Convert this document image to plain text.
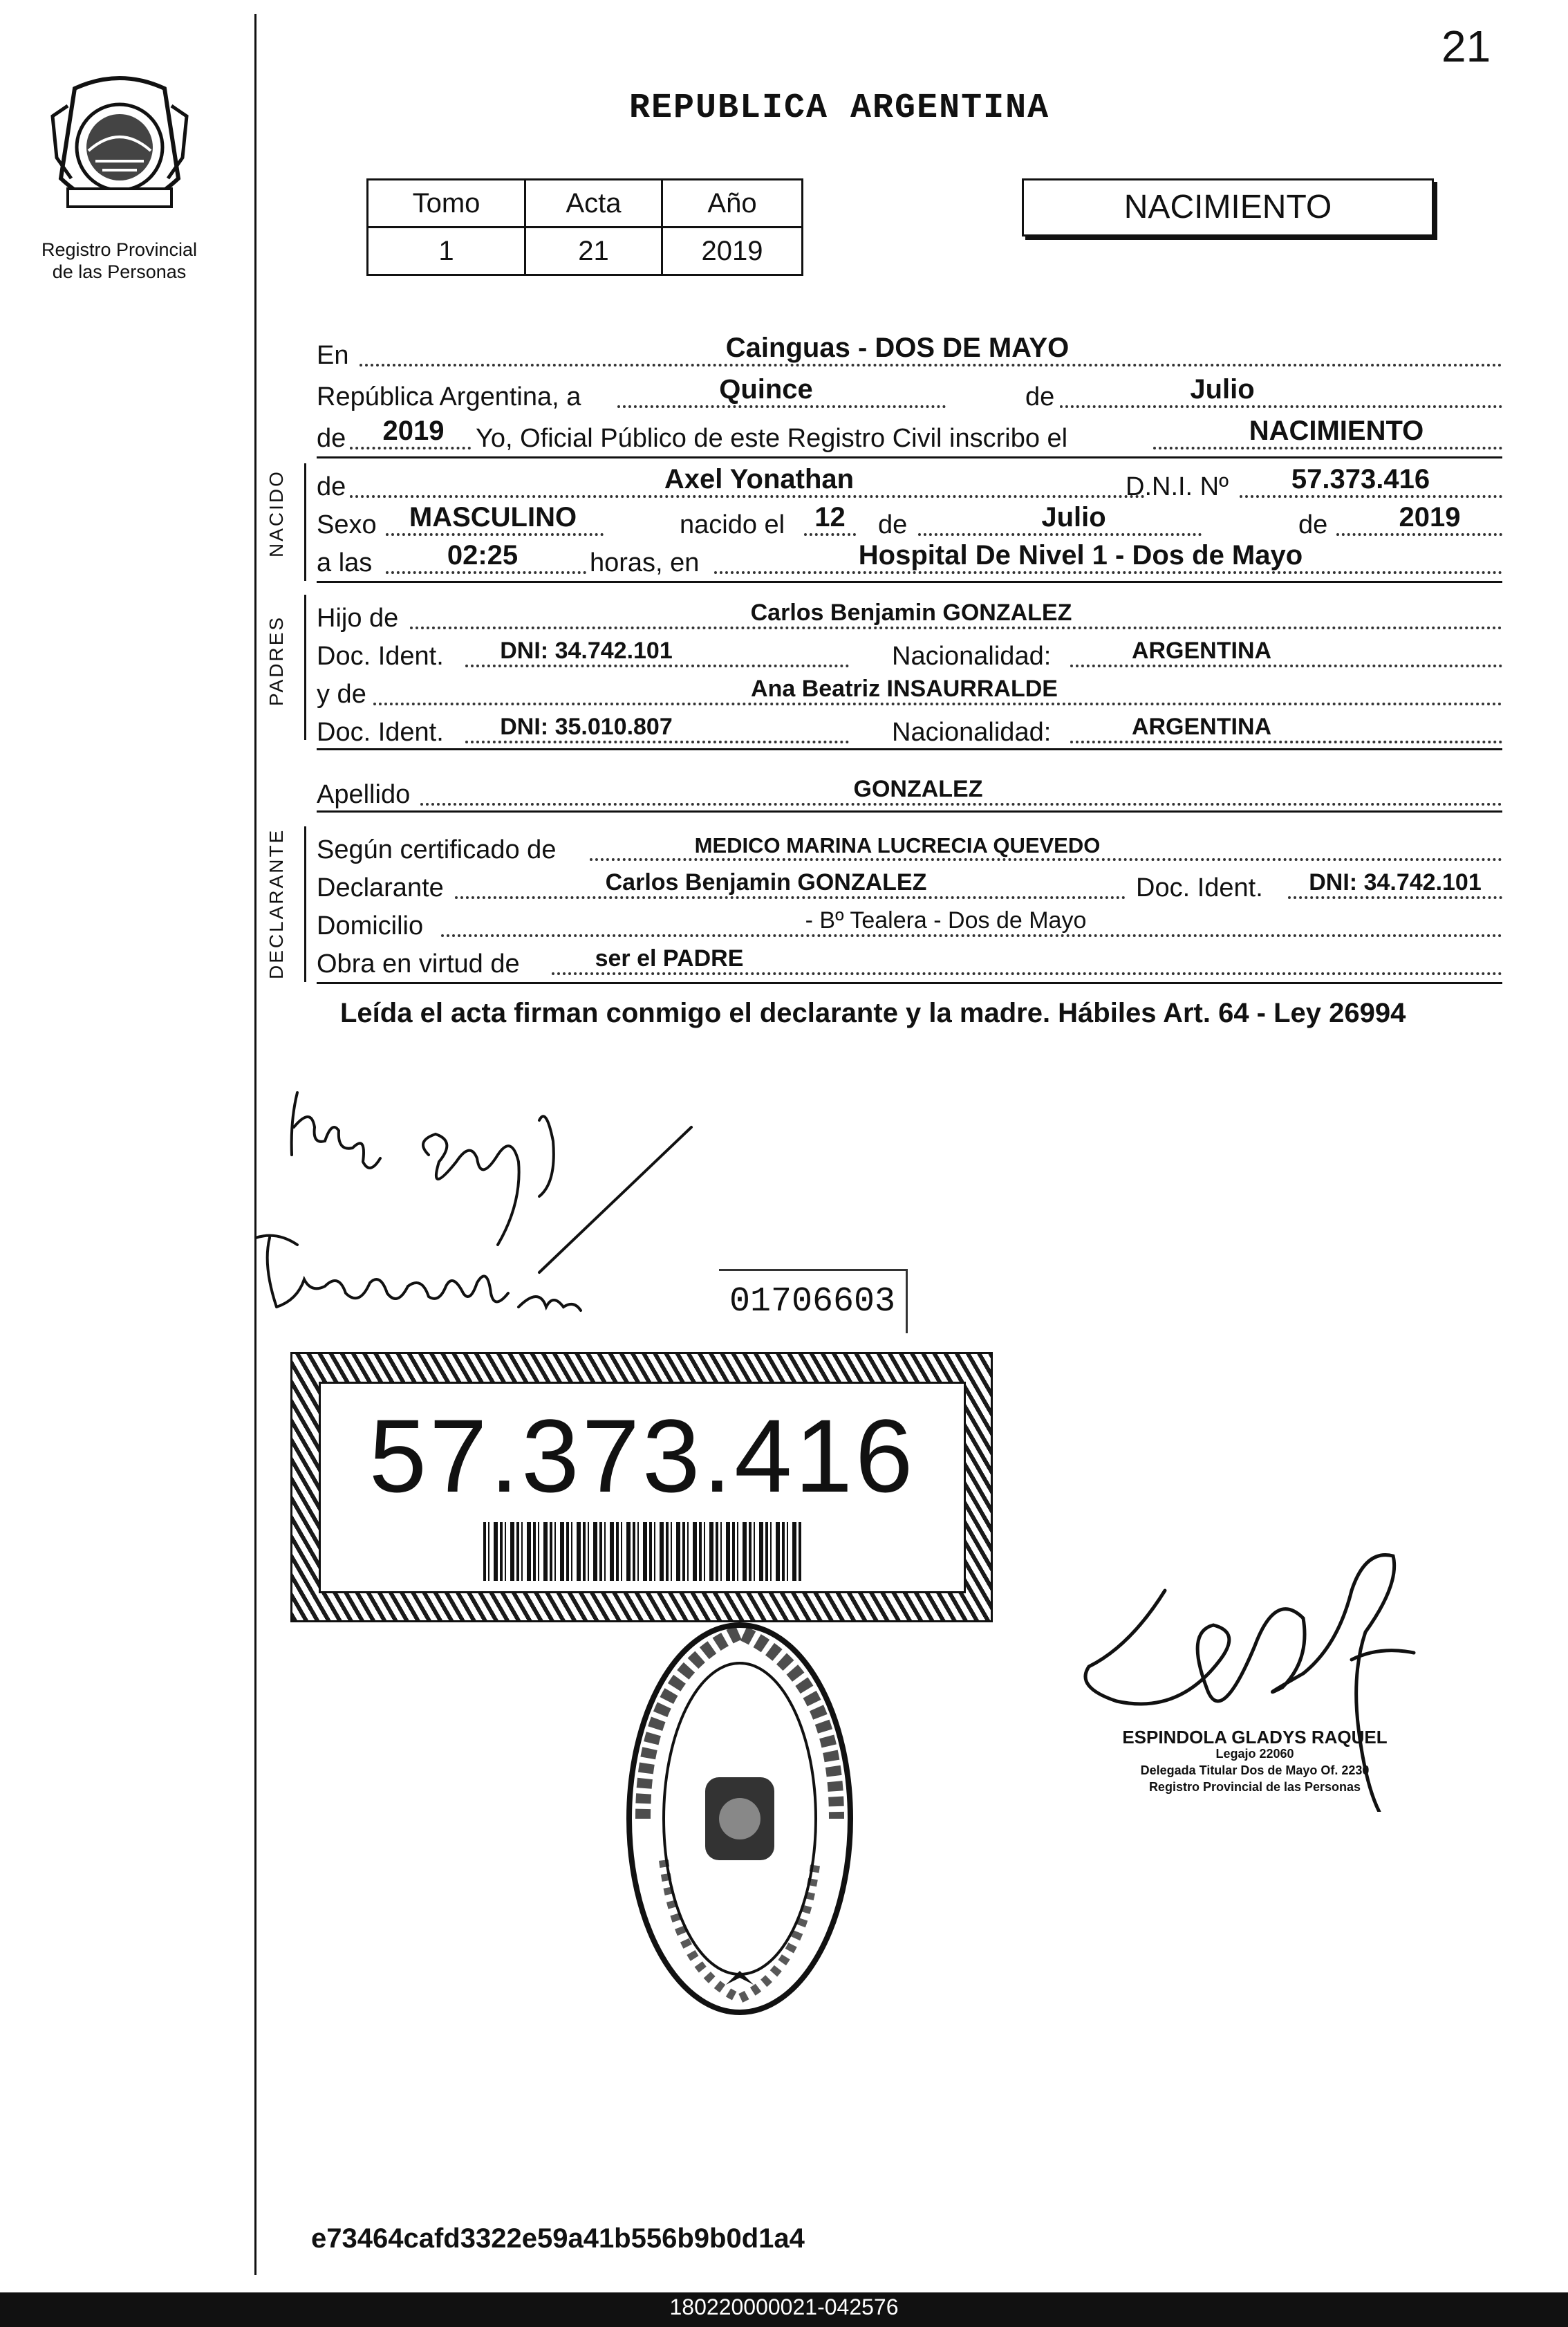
Registro Provincial
de las Personas
21
REPUBLICA ARGENTINA
Tomo	Acta	Año
1	21	2019
NACIMIENTO
En	Cainguas - DOS DE MAYO
República Argentina, a	Quince	de	Julio
de	2019	Yo, Oficial Público de este Registro Civil inscribo el	NACIMIENTO
NACIDO de	Axel Yonathan	D.N.I. Nº	57.373.416
Sexo	MASCULINO	nacido el	12	de	Julio	de	2019
a las	02:25	horas, en	Hospital De Nivel 1 - Dos de Mayo
PADRES Hijo de	Carlos Benjamin GONZALEZ
Doc. Ident.	DNI: 34.742.101	Nacionalidad:	ARGENTINA
y de	Ana Beatriz INSAURRALDE
Doc. Ident.	DNI: 35.010.807	Nacionalidad:	ARGENTINA
Apellido	GONZALEZ
DECLARANTE Según certificado de	MEDICO MARINA LUCRECIA QUEVEDO
Declarante	Carlos Benjamin GONZALEZ	Doc. Ident.	DNI: 34.742.101
Domicilio	- Bº Tealera - Dos de Mayo
Obra en virtud de	ser el PADRE
Leída el acta firman conmigo el declarante y la madre. Hábiles Art. 64 - Ley 26994
01706603
57.373.416
ESPINDOLA GLADYS RAQUEL
Legajo 22060
Delegada Titular Dos de Mayo Of. 2230
Registro Provincial de las Personas
e73464cafd3322e59a41b556b9b0d1a4
180220000021-042576
